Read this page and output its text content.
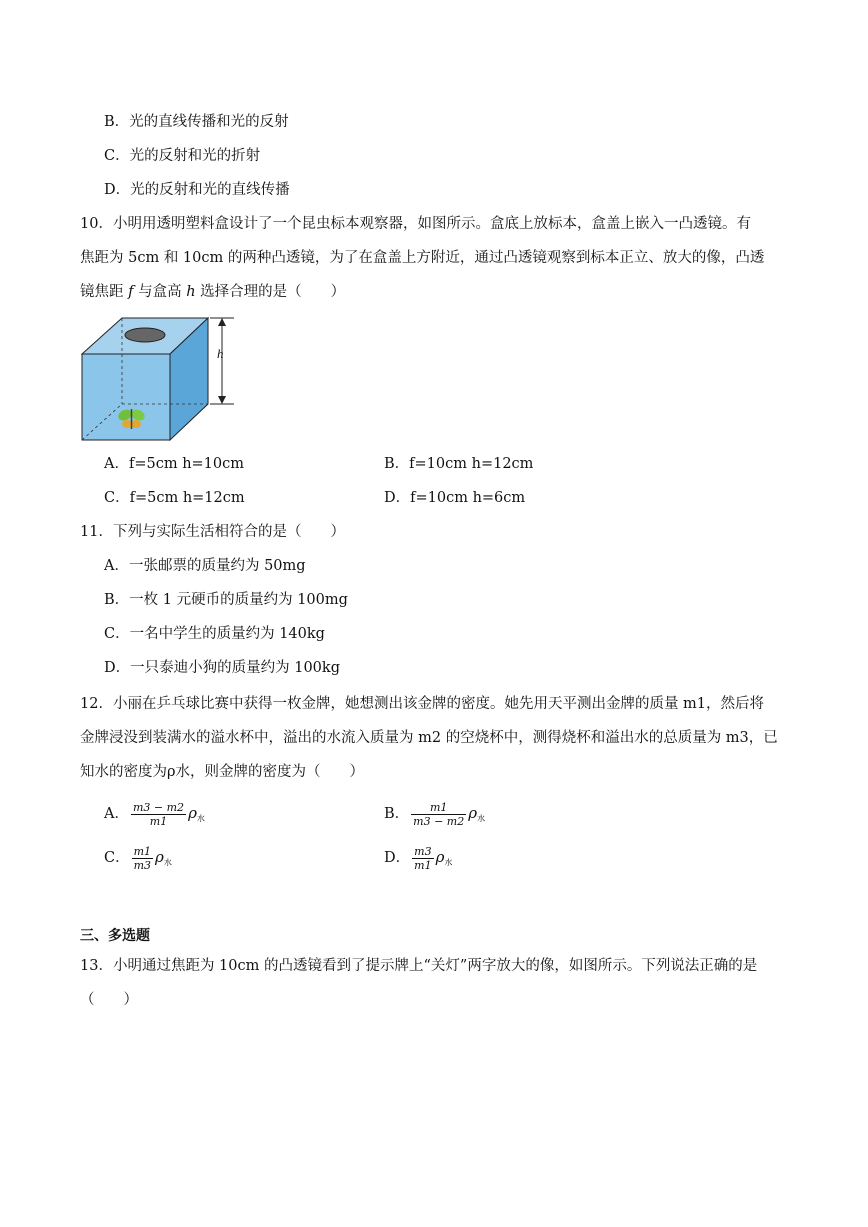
B．光的直线传播和光的反射
C．光的反射和光的折射
D．光的反射和光的直线传播
10．小明用透明塑料盒设计了一个昆虫标本观察器，如图所示。盒底上放标本，盒盖上嵌入一凸透镜。有
焦距为 5cm 和 10cm 的两种凸透镜，为了在盒盖上方附近，通过凸透镜观察到标本正立、放大的像，凸透
镜焦距 f 与盒高 h 选择合理的是（　　）
h
A．f=5cm h=10cm	B．f=10cm h=12cm
C．f=5cm h=12cm	D．f=10cm h=6cm
11．下列与实际生活相符合的是（　　）
A．一张邮票的质量约为 50mg
B．一枚 1 元硬币的质量约为 100mg
C．一名中学生的质量约为 140kg
D．一只泰迪小狗的质量约为 100kg
12．小丽在乒乓球比赛中获得一枚金牌，她想测出该金牌的密度。她先用天平测出金牌的质量 m1，然后将
金牌浸没到装满水的溢水杯中，溢出的水流入质量为 m2 的空烧杯中，测得烧杯和溢出水的总质量为 m3，已
知水的密度为ρ水，则金牌的密度为（　　）
A． $\frac{m3 - m2}{m1} \rho_水$	B． $\frac{m1}{m3 - m2} \rho_水$
C． $\frac{m1}{m3} \rho_水$	D． $\frac{m3}{m1} \rho_水$
三、多选题
13．小明通过焦距为 10cm 的凸透镜看到了提示牌上“关灯”两字放大的像，如图所示。下列说法正确的是
（　　）
